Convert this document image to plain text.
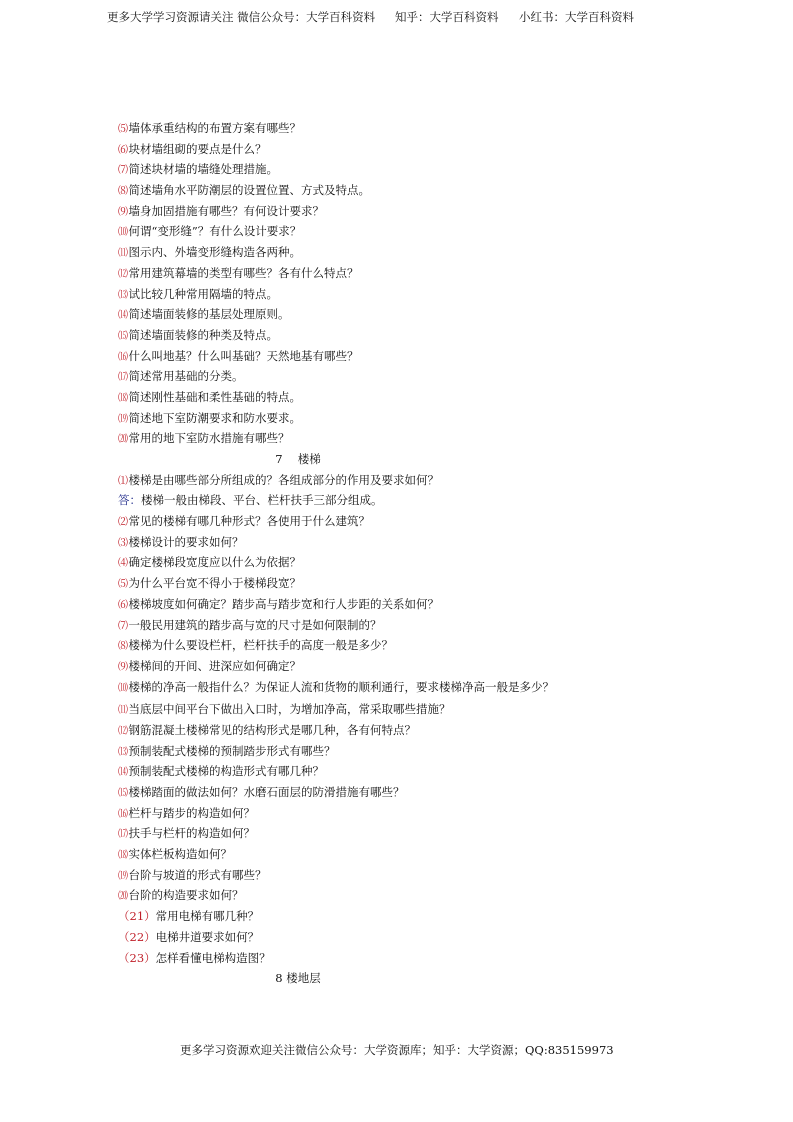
更多大学学习资源请关注 微信公众号：大学百科资料 知乎：大学百科资料 小红书：大学百科资料
⑸墙体承重结构的布置方案有哪些？
⑹块材墙组砌的要点是什么？
⑺简述块材墙的墙缝处理措施。
⑻简述墙角水平防潮层的设置位置、方式及特点。
⑼墙身加固措施有哪些？有何设计要求？
⑽何谓“变形缝”？有什么设计要求？
⑾图示内、外墙变形缝构造各两种。
⑿常用建筑幕墙的类型有哪些？各有什么特点？
⒀试比较几种常用隔墙的特点。
⒁简述墙面装修的基层处理原则。
⒂简述墙面装修的种类及特点。
⒃什么叫地基？什么叫基础？天然地基有哪些？
⒄简述常用基础的分类。
⒅简述刚性基础和柔性基础的特点。
⒆简述地下室防潮要求和防水要求。
⒇常用的地下室防水措施有哪些？
7　 楼梯
⑴楼梯是由哪些部分所组成的？各组成部分的作用及要求如何？
答：楼梯一般由梯段、平台、栏杆扶手三部分组成。
⑵常见的楼梯有哪几种形式？各使用于什么建筑？
⑶楼梯设计的要求如何？
⑷确定楼梯段宽度应以什么为依据？
⑸为什么平台宽不得小于楼梯段宽？
⑹楼梯坡度如何确定？踏步高与踏步宽和行人步距的关系如何？
⑺一般民用建筑的踏步高与宽的尺寸是如何限制的？
⑻楼梯为什么要设栏杆，栏杆扶手的高度一般是多少？
⑼楼梯间的开间、进深应如何确定？
⑽楼梯的净高一般指什么？为保证人流和货物的顺利通行，要求楼梯净高一般是多少？
⑾当底层中间平台下做出入口时，为增加净高，常采取哪些措施？
⑿钢筋混凝土楼梯常见的结构形式是哪几种，各有何特点？
⒀预制装配式楼梯的预制踏步形式有哪些？
⒁预制装配式楼梯的构造形式有哪几种？
⒂楼梯踏面的做法如何？水磨石面层的防滑措施有哪些？
⒃栏杆与踏步的构造如何？
⒄扶手与栏杆的构造如何？
⒅实体栏板构造如何？
⒆台阶与坡道的形式有哪些？
⒇台阶的构造要求如何？
（21）常用电梯有哪几种？
（22）电梯井道要求如何？
（23）怎样看懂电梯构造图？
8 楼地层
更多学习资源欢迎关注微信公众号：大学资源库；知乎：大学资源；QQ:835159973
